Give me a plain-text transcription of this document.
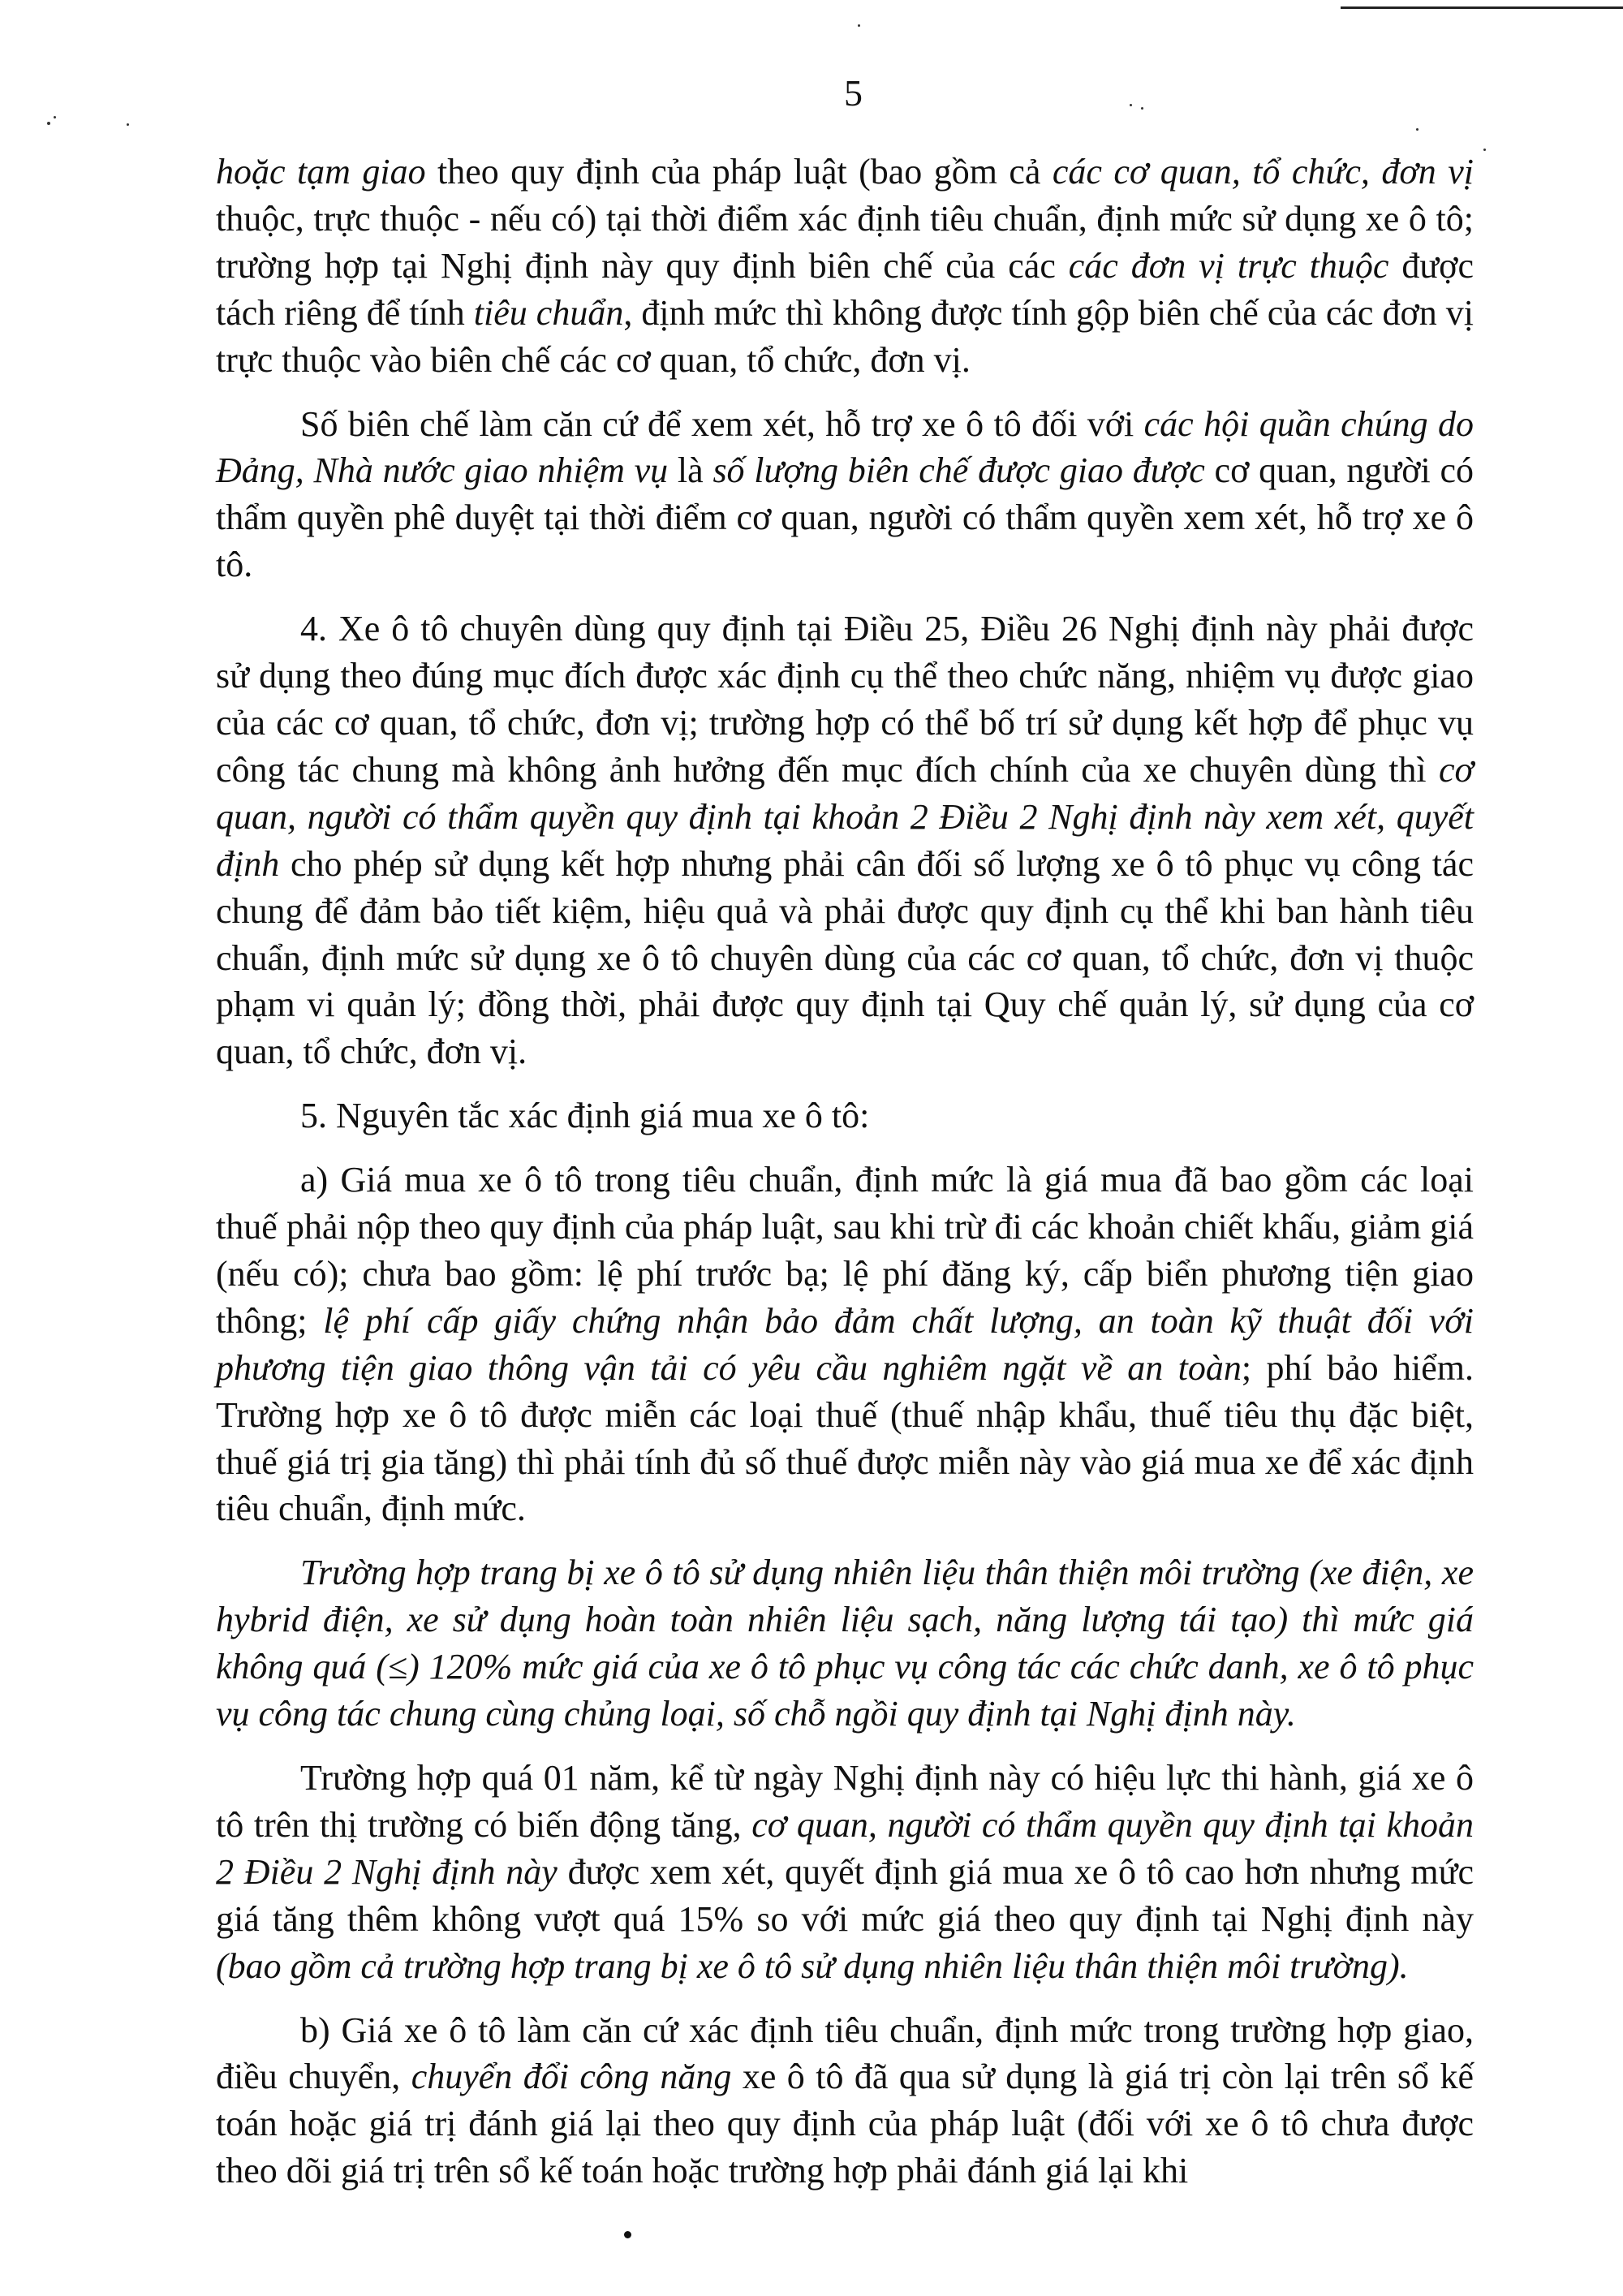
5

hoặc tạm giao theo quy định của pháp luật (bao gồm cả các cơ quan, tổ chức, đơn vị thuộc, trực thuộc - nếu có) tại thời điểm xác định tiêu chuẩn, định mức sử dụng xe ô tô; trường hợp tại Nghị định này quy định biên chế của các các đơn vị trực thuộc được tách riêng để tính tiêu chuẩn, định mức thì không được tính gộp biên chế của các đơn vị trực thuộc vào biên chế các cơ quan, tổ chức, đơn vị.

Số biên chế làm căn cứ để xem xét, hỗ trợ xe ô tô đối với các hội quần chúng do Đảng, Nhà nước giao nhiệm vụ là số lượng biên chế được giao được cơ quan, người có thẩm quyền phê duyệt tại thời điểm cơ quan, người có thẩm quyền xem xét, hỗ trợ xe ô tô.

4. Xe ô tô chuyên dùng quy định tại Điều 25, Điều 26 Nghị định này phải được sử dụng theo đúng mục đích được xác định cụ thể theo chức năng, nhiệm vụ được giao của các cơ quan, tổ chức, đơn vị; trường hợp có thể bố trí sử dụng kết hợp để phục vụ công tác chung mà không ảnh hưởng đến mục đích chính của xe chuyên dùng thì cơ quan, người có thẩm quyền quy định tại khoản 2 Điều 2 Nghị định này xem xét, quyết định cho phép sử dụng kết hợp nhưng phải cân đối số lượng xe ô tô phục vụ công tác chung để đảm bảo tiết kiệm, hiệu quả và phải được quy định cụ thể khi ban hành tiêu chuẩn, định mức sử dụng xe ô tô chuyên dùng của các cơ quan, tổ chức, đơn vị thuộc phạm vi quản lý; đồng thời, phải được quy định tại Quy chế quản lý, sử dụng của cơ quan, tổ chức, đơn vị.

5. Nguyên tắc xác định giá mua xe ô tô:

a) Giá mua xe ô tô trong tiêu chuẩn, định mức là giá mua đã bao gồm các loại thuế phải nộp theo quy định của pháp luật, sau khi trừ đi các khoản chiết khấu, giảm giá (nếu có); chưa bao gồm: lệ phí trước bạ; lệ phí đăng ký, cấp biển phương tiện giao thông; lệ phí cấp giấy chứng nhận bảo đảm chất lượng, an toàn kỹ thuật đối với phương tiện giao thông vận tải có yêu cầu nghiêm ngặt về an toàn; phí bảo hiểm. Trường hợp xe ô tô được miễn các loại thuế (thuế nhập khẩu, thuế tiêu thụ đặc biệt, thuế giá trị gia tăng) thì phải tính đủ số thuế được miễn này vào giá mua xe để xác định tiêu chuẩn, định mức.

Trường hợp trang bị xe ô tô sử dụng nhiên liệu thân thiện môi trường (xe điện, xe hybrid điện, xe sử dụng hoàn toàn nhiên liệu sạch, năng lượng tái tạo) thì mức giá không quá (≤) 120% mức giá của xe ô tô phục vụ công tác các chức danh, xe ô tô phục vụ công tác chung cùng chủng loại, số chỗ ngồi quy định tại Nghị định này.

Trường hợp quá 01 năm, kể từ ngày Nghị định này có hiệu lực thi hành, giá xe ô tô trên thị trường có biến động tăng, cơ quan, người có thẩm quyền quy định tại khoản 2 Điều 2 Nghị định này được xem xét, quyết định giá mua xe ô tô cao hơn nhưng mức giá tăng thêm không vượt quá 15% so với mức giá theo quy định tại Nghị định này (bao gồm cả trường hợp trang bị xe ô tô sử dụng nhiên liệu thân thiện môi trường).

b) Giá xe ô tô làm căn cứ xác định tiêu chuẩn, định mức trong trường hợp giao, điều chuyển, chuyển đổi công năng xe ô tô đã qua sử dụng là giá trị còn lại trên sổ kế toán hoặc giá trị đánh giá lại theo quy định của pháp luật (đối với xe ô tô chưa được theo dõi giá trị trên sổ kế toán hoặc trường hợp phải đánh giá lại khi
